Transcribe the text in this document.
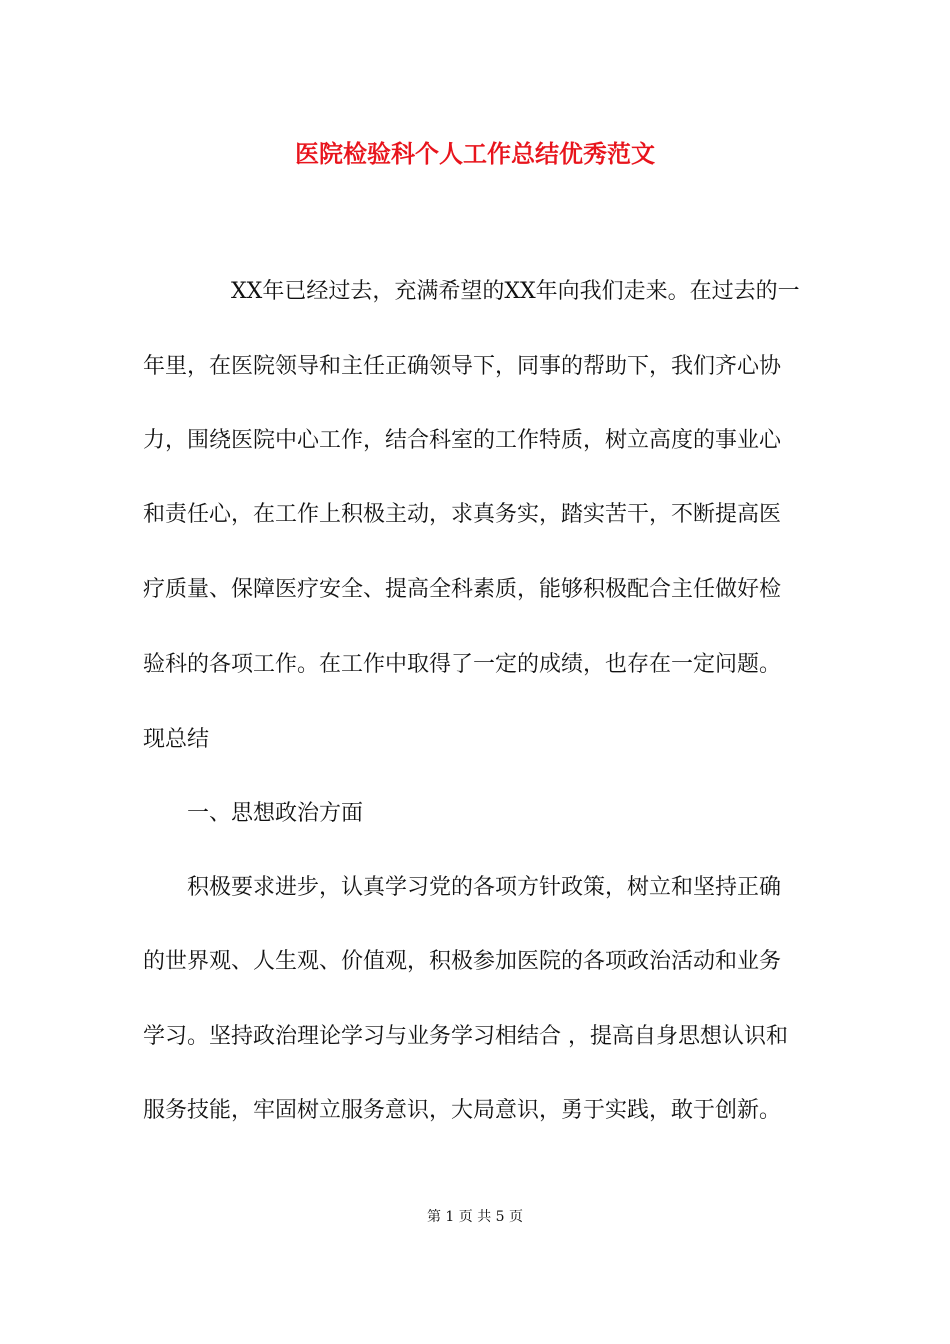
医院检验科个人工作总结优秀范文
XX年已经过去，充满希望的XX年向我们走来。在过去的一
年里，在医院领导和主任正确领导下，同事的帮助下，我们齐心协
力，围绕医院中心工作，结合科室的工作特质，树立高度的事业心
和责任心，在工作上积极主动，求真务实，踏实苦干，不断提高医
疗质量、保障医疗安全、提高全科素质，能够积极配合主任做好检
验科的各项工作。在工作中取得了一定的成绩，也存在一定问题。
现总结
一、思想政治方面
积极要求进步，认真学习党的各项方针政策，树立和坚持正确
的世界观、人生观、价值观，积极参加医院的各项政治活动和业务
学习。坚持政治理论学习与业务学习相结合 ，提高自身思想认识和
服务技能，牢固树立服务意识，大局意识，勇于实践，敢于创新。
第 1 页 共 5 页
